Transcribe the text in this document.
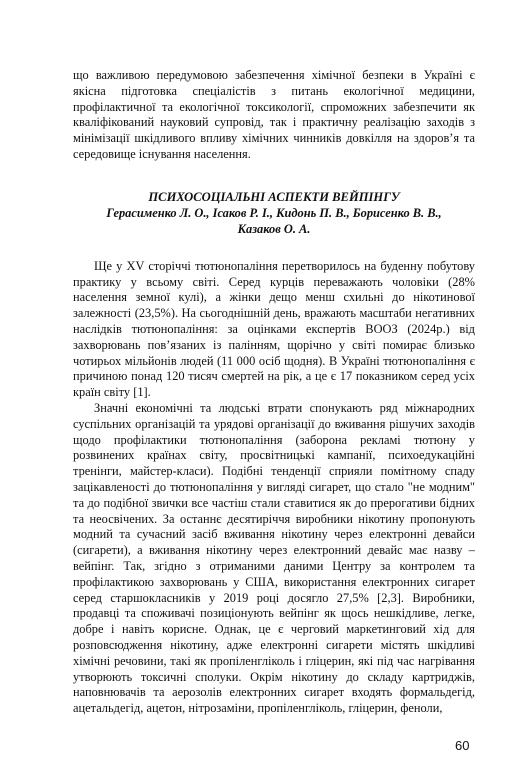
що важливою передумовою забезпечення хімічної безпеки в Україні є якісна підготовка спеціалістів з питань екологічної медицини, профілактичної та екологічної токсикології, спроможних забезпечити як кваліфікований науковий супровід, так і практичну реалізацію заходів з мінімізації шкідливого впливу хімічних чинників довкілля на здоров’я та середовище існування населення.

ПСИХОСОЦІАЛЬНІ АСПЕКТИ ВЕЙПІНГУ
Герасименко Л. О., Ісаков Р. І., Кидонь П. В., Борисенко В. В., Казаков О. А.

Ще у XV сторіччі тютюнопаління перетворилось на буденну побутову практику у всьому світі. Серед курців переважають чоловіки (28% населення земної кулі), а жінки дещо менш схильні до нікотинової залежності (23,5%). На сьогоднішній день, вражають масштаби негативних наслідків тютюнопаління: за оцінками експертів ВООЗ (2024р.) від захворювань пов’язаних із палінням, щорічно у світі помирає близько чотирьох мільйонів людей (11 000 осіб щодня). В Україні тютюнопаління є причиною понад 120 тисяч смертей на рік, а це є 17 показником серед усіх країн світу [1].

Значні економічні та людські втрати спонукають ряд міжнародних суспільних організацій та урядові організації до вживання рішучих заходів щодо профілактики тютюнопаління (заборона рекламі тютюну у розвинених країнах світу, просвітницькі кампанії, психоедукаційні тренінги, майстер-класи). Подібні тенденції сприяли помітному спаду зацікавленості до тютюнопаління у вигляді сигарет, що стало "не модним" та до подібної звички все частіш стали ставитися як до прерогативи бідних та неосвічених. За останнє десятиріччя виробники нікотину пропонують модний та сучасний засіб вживання нікотину через електронні девайси (сигарети), а вживання нікотину через електронний девайс має назву – вейпінг. Так, згідно з отриманими даними Центру за контролем та профілактикою захворювань у США, використання електронних сигарет серед старшокласників у 2019 році досягло 27,5% [2,3]. Виробники, продавці та споживачі позиціонують вейпінг як щось нешкідливе, легке, добре і навіть корисне. Однак, це є черговий маркетинговий хід для розповсюдження нікотину, адже електронні сигарети містять шкідливі хімічні речовини, такі як пропіленгліколь і гліцерин, які під час нагрівання утворюють токсичні сполуки. Окрім нікотину до складу картриджів, наповнювачів та аерозолів електронних сигарет входять формальдегід, ацетальдегід, ацетон, нітрозаміни, пропіленгліколь, гліцерин, феноли,

60
